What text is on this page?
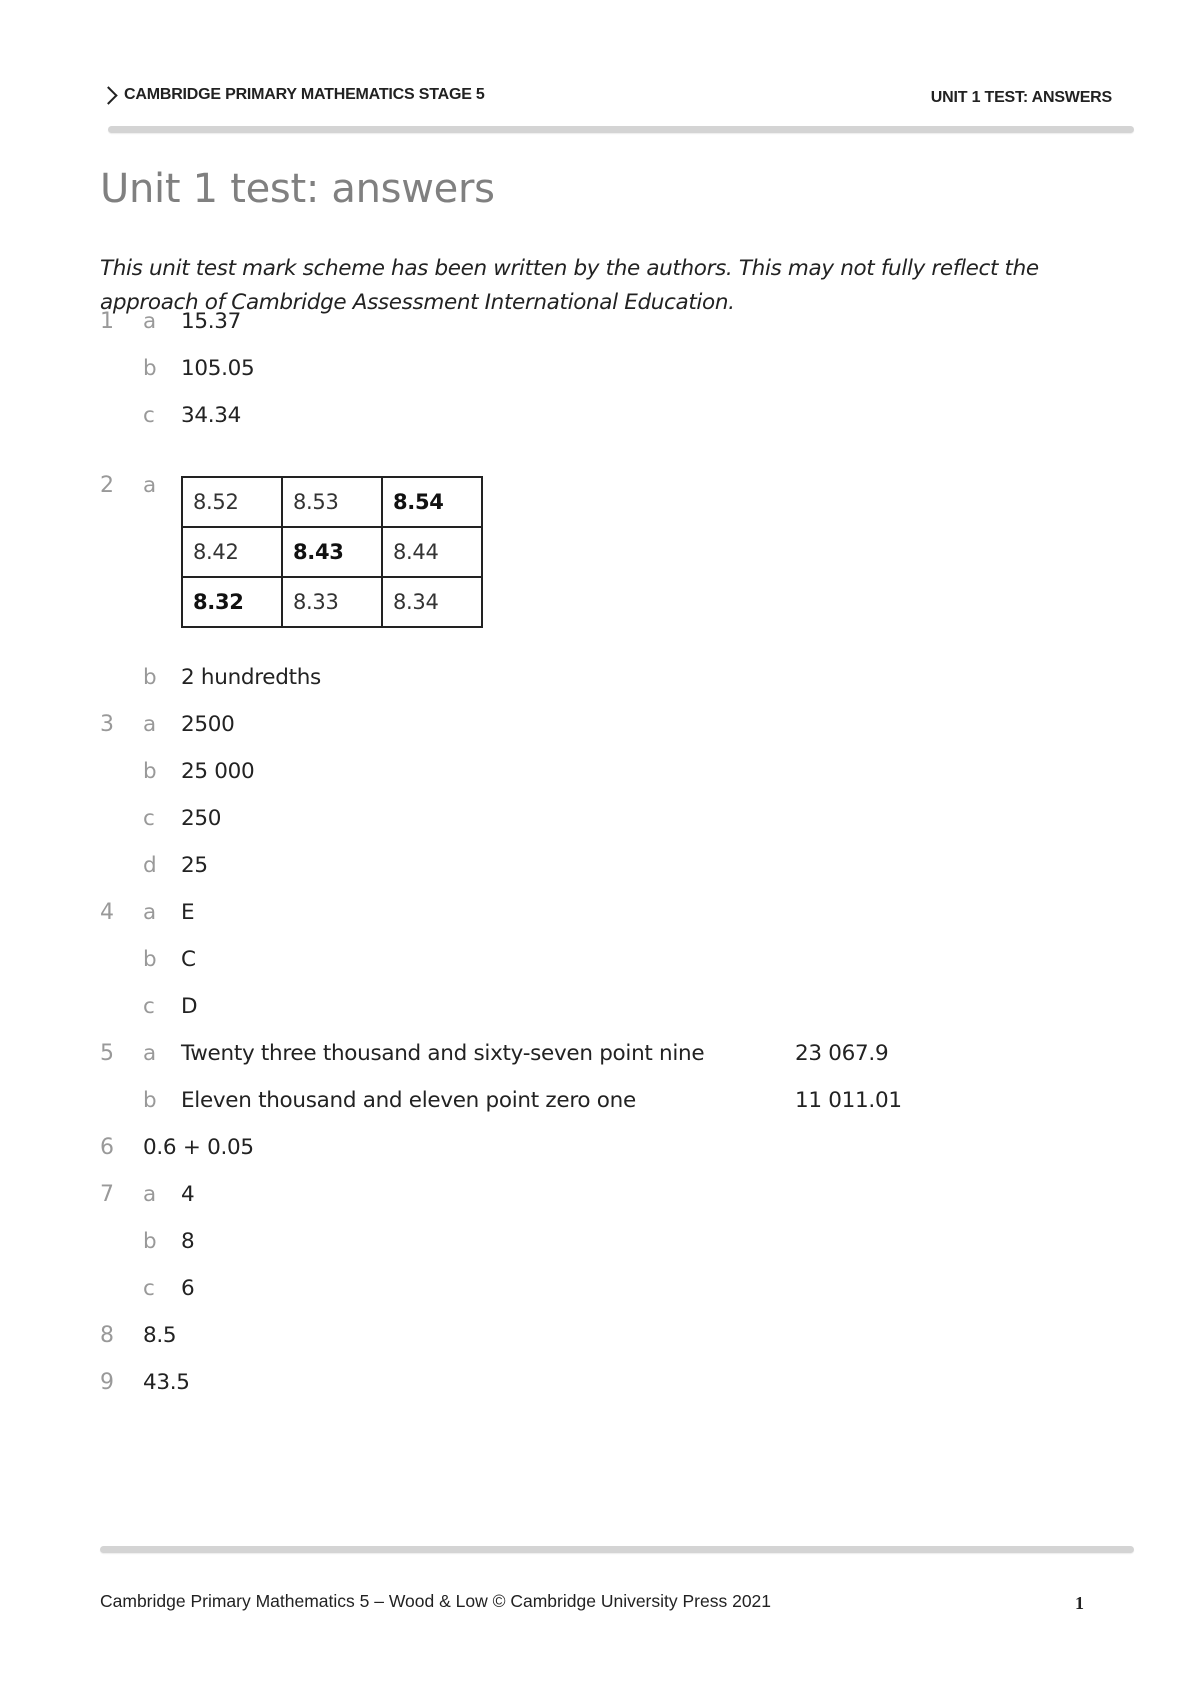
CAMBRIDGE PRIMARY MATHEMATICS STAGE 5	UNIT 1 TEST: ANSWERS
Unit 1 test: answers

This unit test mark scheme has been written by the authors. This may not fully reflect the approach of Cambridge Assessment International Education.

1 a 15.37
b 105.05
c 34.34
2 a
8.52	8.53	8.54
8.42	8.43	8.44
8.32	8.33	8.34
b 2 hundredths
3 a 2500
b 25 000
c 250
d 25
4 a E
b C
c D
5 a Twenty three thousand and sixty-seven point nine	23 067.9
b Eleven thousand and eleven point zero one	11 011.01
6 0.6 + 0.05
7 a 4
b 8
c 6
8 8.5
9 43.5
Cambridge Primary Mathematics 5 – Wood & Low © Cambridge University Press 2021	1
